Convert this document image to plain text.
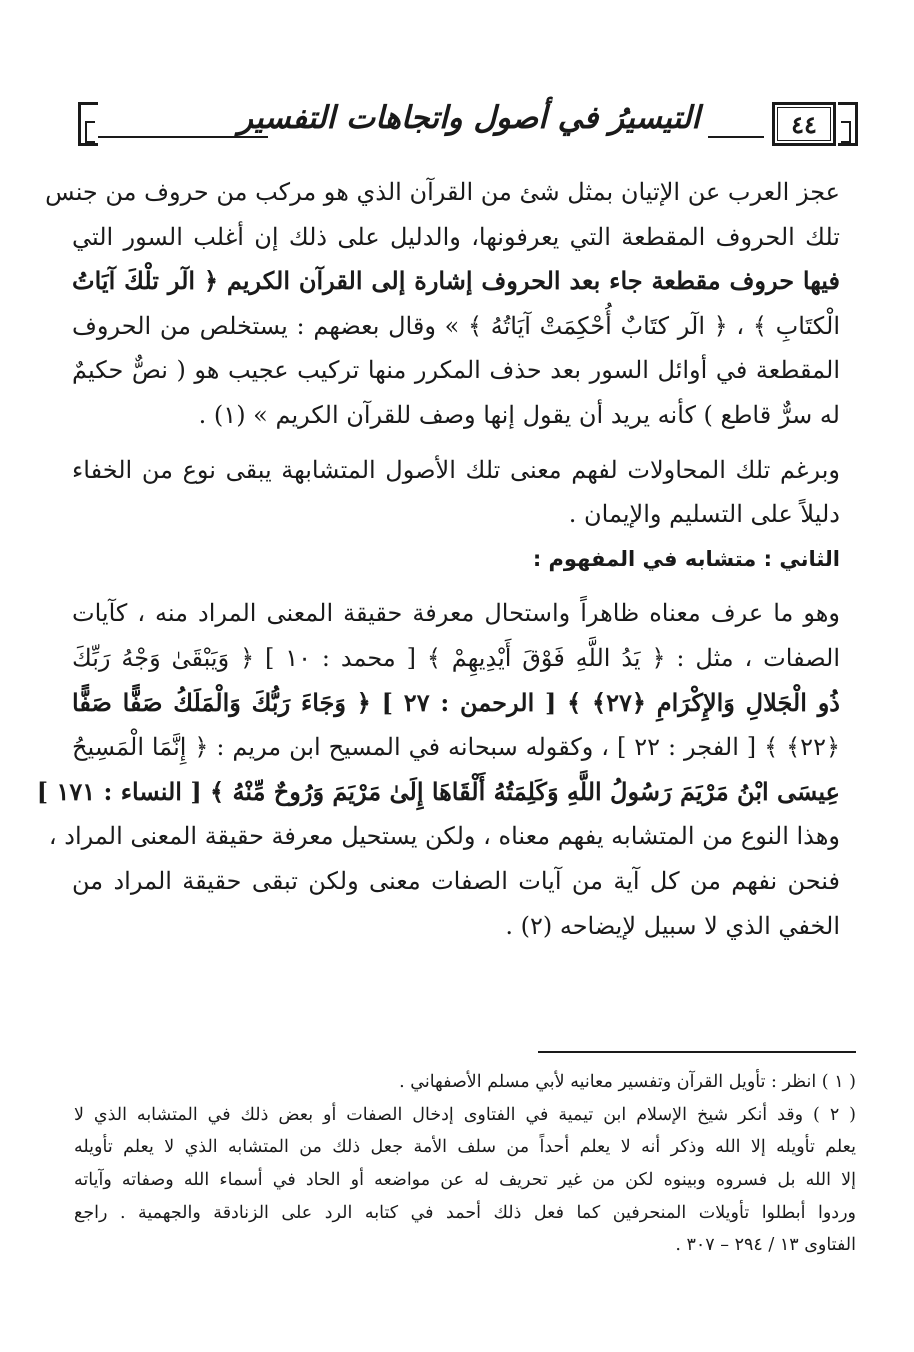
٤٤
التيسيرُ في أصول واتجاهات التفسير
عجز العرب عن الإتيان بمثل شئ من القرآن الذي هو مركب من حروف من جنس
تلك الحروف المقطعة التي يعرفونها، والدليل على ذلك إن أغلب السور التي
فيها حروف مقطعة جاء بعد الحروف إشارة إلى القرآن الكريم ﴿ الٓر تلْكَ آيَاتُ
الْكتَابِ ﴾ ، ﴿ الٓر كتَابٌ أُحْكِمَتْ آيَاتُهُ ﴾ » وقال بعضهم : يستخلص من الحروف
المقطعة في أوائل السور بعد حذف المكرر منها تركيب عجيب هو ( نصٌّ حكيمٌ
له سرٌّ قاطع ) كأنه يريد أن يقول إنها وصف للقرآن الكريم » (١) .
وبرغم تلك المحاولات لفهم معنى تلك الأصول المتشابهة يبقى نوع من الخفاء
دليلاً على التسليم والإيمان .
الثاني : متشابه في المفهوم :
وهو ما عرف معناه ظاهراً واستحال معرفة حقيقة المعنى المراد منه ، كآيات
الصفات ، مثل : ﴿ يَدُ اللَّهِ فَوْقَ أَيْدِيهِمْ ﴾ [ محمد : ١٠ ] ﴿ وَيَبْقَىٰ وَجْهُ رَبِّكَ
ذُو الْجَلالِ وَالإِكْرَامِ ﴿٢٧﴾ ﴾ [ الرحمن : ٢٧ ] ﴿ وَجَاءَ رَبُّكَ وَالْمَلَكُ صَفًّا صَفًّا
﴿٢٢﴾ ﴾ [ الفجر : ٢٢ ] ، وكقوله سبحانه في المسيح ابن مريم : ﴿ إِنَّمَا الْمَسِيحُ
عِيسَى ابْنُ مَرْيَمَ رَسُولُ اللَّهِ وَكَلِمَتُهُ أَلْقَاهَا إِلَىٰ مَرْيَمَ وَرُوحٌ مِّنْهُ ﴾ [ النساء : ١٧١ ]
وهذا النوع من المتشابه يفهم معناه ، ولكن يستحيل معرفة حقيقة المعنى المراد ،
فنحن نفهم من كل آية من آيات الصفات معنى ولكن تبقى حقيقة المراد من
الخفي الذي لا سبيل لإيضاحه (٢) .
( ١ ) انظر : تأويل القرآن وتفسير معانيه لأبي مسلم الأصفهاني .
( ٢ ) وقد أنكر شيخ الإسلام ابن تيمية في الفتاوى إدخال الصفات أو بعض ذلك في المتشابه الذي لا
يعلم تأويله إلا الله وذكر أنه لا يعلم أحداً من سلف الأمة جعل ذلك من المتشابه الذي لا يعلم تأويله
إلا الله بل فسروه وبينوه لكن من غير تحريف له عن مواضعه أو الحاد في أسماء الله وصفاته وآياته
وردوا أبطلوا تأويلات المنحرفين كما فعل ذلك أحمد في كتابه الرد على الزنادقة والجهمية . راجع
الفتاوى ١٣ / ٢٩٤ – ٣٠٧ .
